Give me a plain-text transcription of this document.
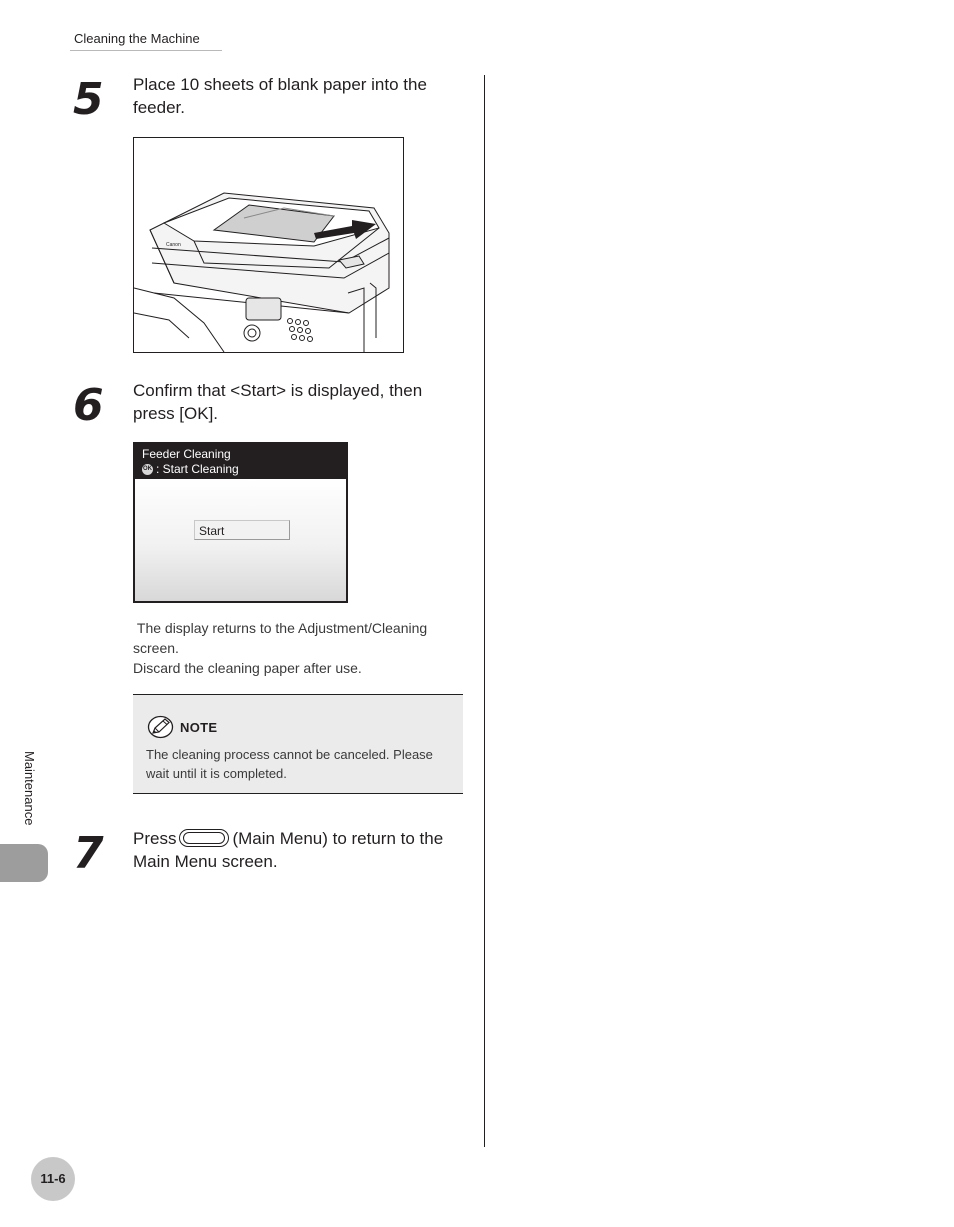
Cleaning the Machine
5 Place 10 sheets of blank paper into the feeder.
Canon
6 Confirm that <Start> is displayed, then press [OK].
Feeder Cleaning
OK : Start Cleaning
Start
The display returns to the Adjustment/Cleaning screen.
Discard the cleaning paper after use.
NOTE
The cleaning process cannot be canceled. Please wait until it is completed.
7 Press	(Main Menu) to return to the Main Menu screen.
Maintenance
11-6
